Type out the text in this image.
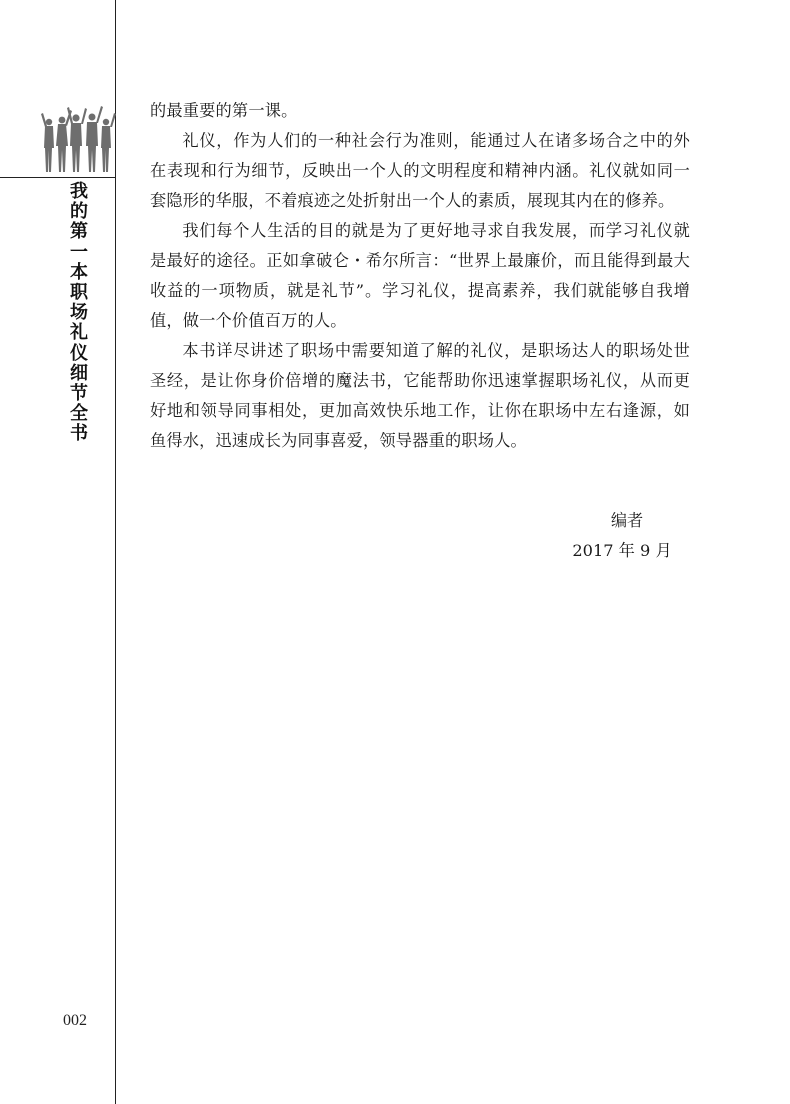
我的第一本职场礼仪细节全书

的最重要的第一课。

礼仪，作为人们的一种社会行为准则，能通过人在诸多场合之中的外在表现和行为细节，反映出一个人的文明程度和精神内涵。礼仪就如同一套隐形的华服，不着痕迹之处折射出一个人的素质，展现其内在的修养。

我们每个人生活的目的就是为了更好地寻求自我发展，而学习礼仪就是最好的途径。正如拿破仑・希尔所言：“世界上最廉价，而且能得到最大收益的一项物质，就是礼节”。学习礼仪，提高素养，我们就能够自我增值，做一个价值百万的人。

本书详尽讲述了职场中需要知道了解的礼仪，是职场达人的职场处世圣经，是让你身价倍增的魔法书，它能帮助你迅速掌握职场礼仪，从而更好地和领导同事相处，更加高效快乐地工作，让你在职场中左右逢源，如鱼得水，迅速成长为同事喜爱，领导器重的职场人。

编者
2017 年 9 月
002
